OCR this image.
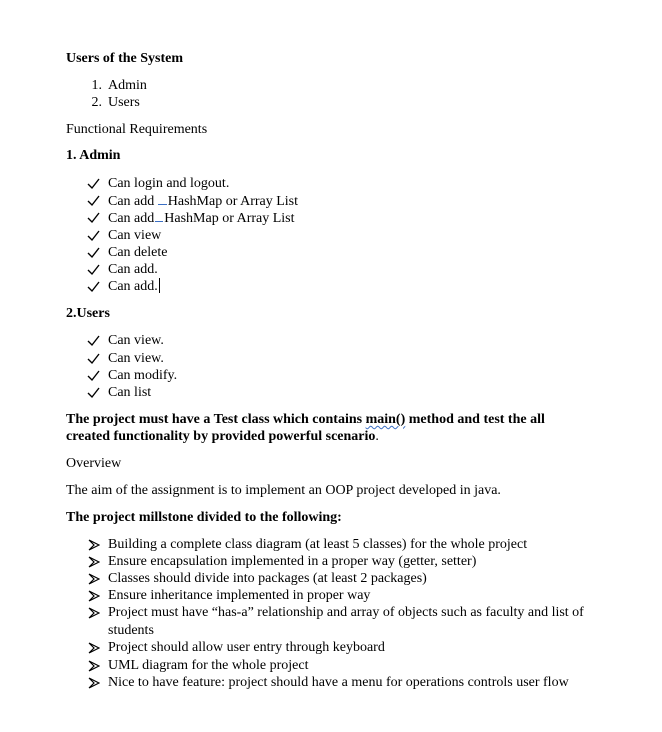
Users of the System
1. Admin
2. Users
Functional Requirements
1. Admin
Can login and logout.
Can add HashMap or Array List
Can add HashMap or Array List
Can view
Can delete
Can add.
Can add.
2.Users
Can view.
Can view.
Can modify.
Can list
The project must have a Test class which contains main() method and test the all
created functionality by provided powerful scenario.
Overview
The aim of the assignment is to implement an OOP project developed in java.
The project millstone divided to the following:
Building a complete class diagram (at least 5 classes) for the whole project
Ensure encapsulation implemented in a proper way (getter, setter)
Classes should divide into packages (at least 2 packages)
Ensure inheritance implemented in proper way
Project must have “has-a” relationship and array of objects such as faculty and list of
students
Project should allow user entry through keyboard
UML diagram for the whole project
Nice to have feature: project should have a menu for operations controls user flow
